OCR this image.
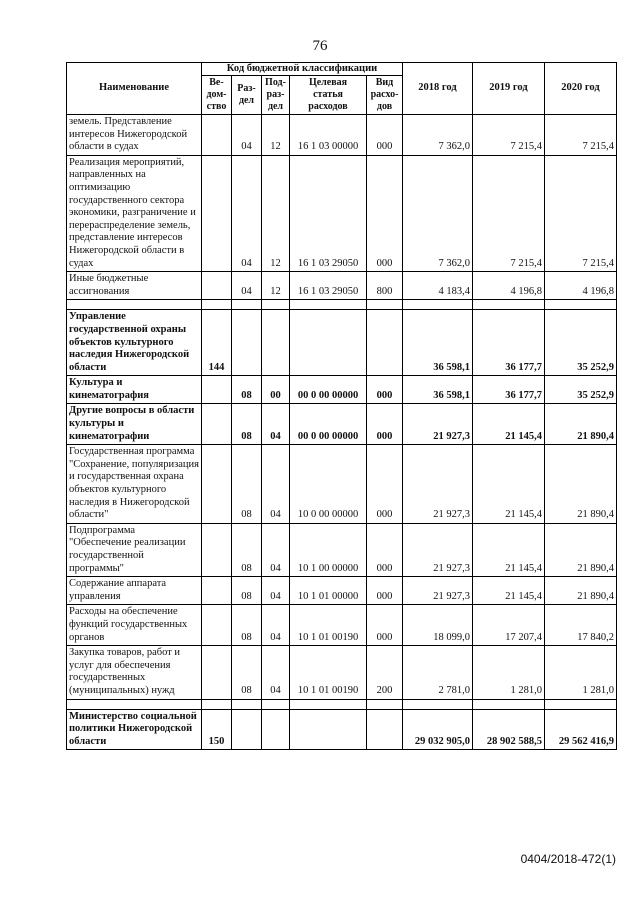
76
Наименование	Код бюджетной классификации					2018 год	2019 год	2020 год
	Ве-
дом-
ство	Раз-
дел	Под-
раз-
дел	Целевая
статья
расходов	Вид
расхо-
дов			
земель. Представление интересов Нижегородской области в судах		04	12	16 1 03 00000	000	7 362,0	7 215,4	7 215,4
Реализация мероприятий, направленных на оптимизацию государственного сектора экономики, разграничение и перераспределение земель, представление интересов Нижегородской области в судах		04	12	16 1 03 29050	000	7 362,0	7 215,4	7 215,4
Иные бюджетные ассигнования		04	12	16 1 03 29050	800	4 183,4	4 196,8	4 196,8

Управление государственной охраны объектов культурного наследия Нижегородской области	144					36 598,1	36 177,7	35 252,9
Культура и кинематография		08	00	00 0 00 00000	000	36 598,1	36 177,7	35 252,9
Другие вопросы в области культуры и кинематографии		08	04	00 0 00 00000	000	21 927,3	21 145,4	21 890,4
Государственная программа "Сохранение, популяризация и государственная охрана объектов культурного наследия в Нижегородской области"		08	04	10 0 00 00000	000	21 927,3	21 145,4	21 890,4
Подпрограмма "Обеспечение реализации государственной программы"		08	04	10 1 00 00000	000	21 927,3	21 145,4	21 890,4
Содержание аппарата управления		08	04	10 1 01 00000	000	21 927,3	21 145,4	21 890,4
Расходы на обеспечение функций государственных органов		08	04	10 1 01 00190	000	18 099,0	17 207,4	17 840,2
Закупка товаров, работ и услуг для обеспечения государственных (муниципальных) нужд		08	04	10 1 01 00190	200	2 781,0	1 281,0	1 281,0

Министерство социальной политики Нижегородской области	150					29 032 905,0	28 902 588,5	29 562 416,9
0404/2018-472(1)
